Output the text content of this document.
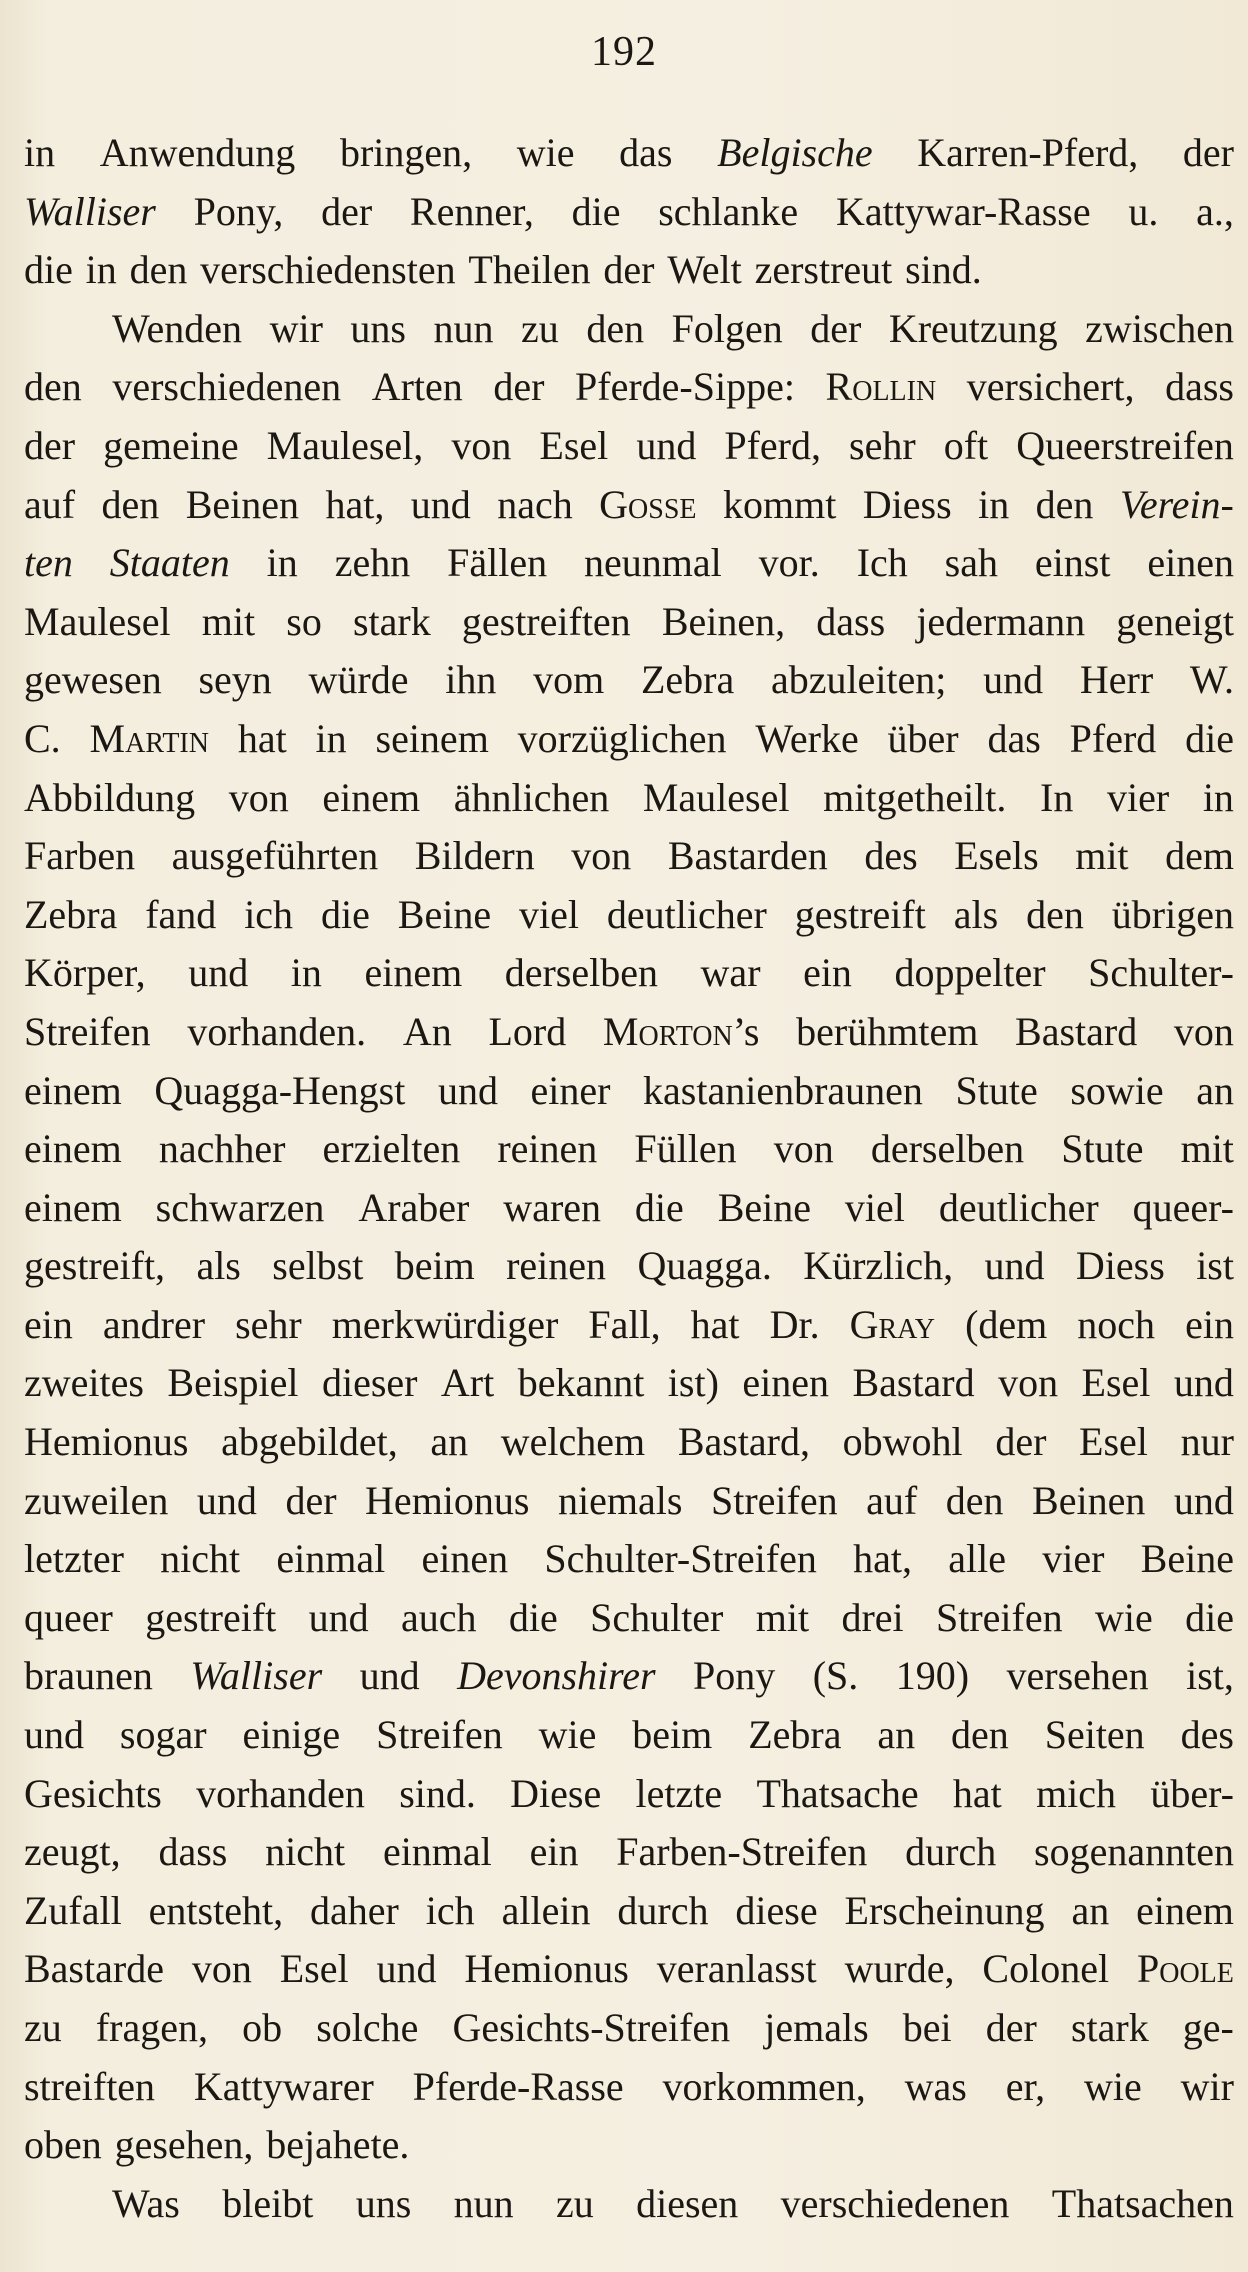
192
in Anwendung bringen, wie das Belgische Karren-Pferd, der
Walliser Pony, der Renner, die schlanke Kattywar-Rasse u. a.,
die in den verschiedensten Theilen der Welt zerstreut sind.
Wenden wir uns nun zu den Folgen der Kreutzung zwischen
den verschiedenen Arten der Pferde-Sippe: Rollin versichert, dass
der gemeine Maulesel, von Esel und Pferd, sehr oft Queerstreifen
auf den Beinen hat, und nach Gosse kommt Diess in den Verein-
ten Staaten in zehn Fällen neunmal vor. Ich sah einst einen
Maulesel mit so stark gestreiften Beinen, dass jedermann geneigt
gewesen seyn würde ihn vom Zebra abzuleiten; und Herr W.
C. Martin hat in seinem vorzüglichen Werke über das Pferd die
Abbildung von einem ähnlichen Maulesel mitgetheilt. In vier in
Farben ausgeführten Bildern von Bastarden des Esels mit dem
Zebra fand ich die Beine viel deutlicher gestreift als den übrigen
Körper, und in einem derselben war ein doppelter Schulter-
Streifen vorhanden. An Lord Morton’s berühmtem Bastard von
einem Quagga-Hengst und einer kastanienbraunen Stute sowie an
einem nachher erzielten reinen Füllen von derselben Stute mit
einem schwarzen Araber waren die Beine viel deutlicher queer-
gestreift, als selbst beim reinen Quagga. Kürzlich, und Diess ist
ein andrer sehr merkwürdiger Fall, hat Dr. Gray (dem noch ein
zweites Beispiel dieser Art bekannt ist) einen Bastard von Esel und
Hemionus abgebildet, an welchem Bastard, obwohl der Esel nur
zuweilen und der Hemionus niemals Streifen auf den Beinen und
letzter nicht einmal einen Schulter-Streifen hat, alle vier Beine
queer gestreift und auch die Schulter mit drei Streifen wie die
braunen Walliser und Devonshirer Pony (S. 190) versehen ist,
und sogar einige Streifen wie beim Zebra an den Seiten des
Gesichts vorhanden sind. Diese letzte Thatsache hat mich über-
zeugt, dass nicht einmal ein Farben-Streifen durch sogenannten
Zufall entsteht, daher ich allein durch diese Erscheinung an einem
Bastarde von Esel und Hemionus veranlasst wurde, Colonel Poole
zu fragen, ob solche Gesichts-Streifen jemals bei der stark ge-
streiften Kattywarer Pferde-Rasse vorkommen, was er, wie wir
oben gesehen, bejahete.
Was bleibt uns nun zu diesen verschiedenen Thatsachen
